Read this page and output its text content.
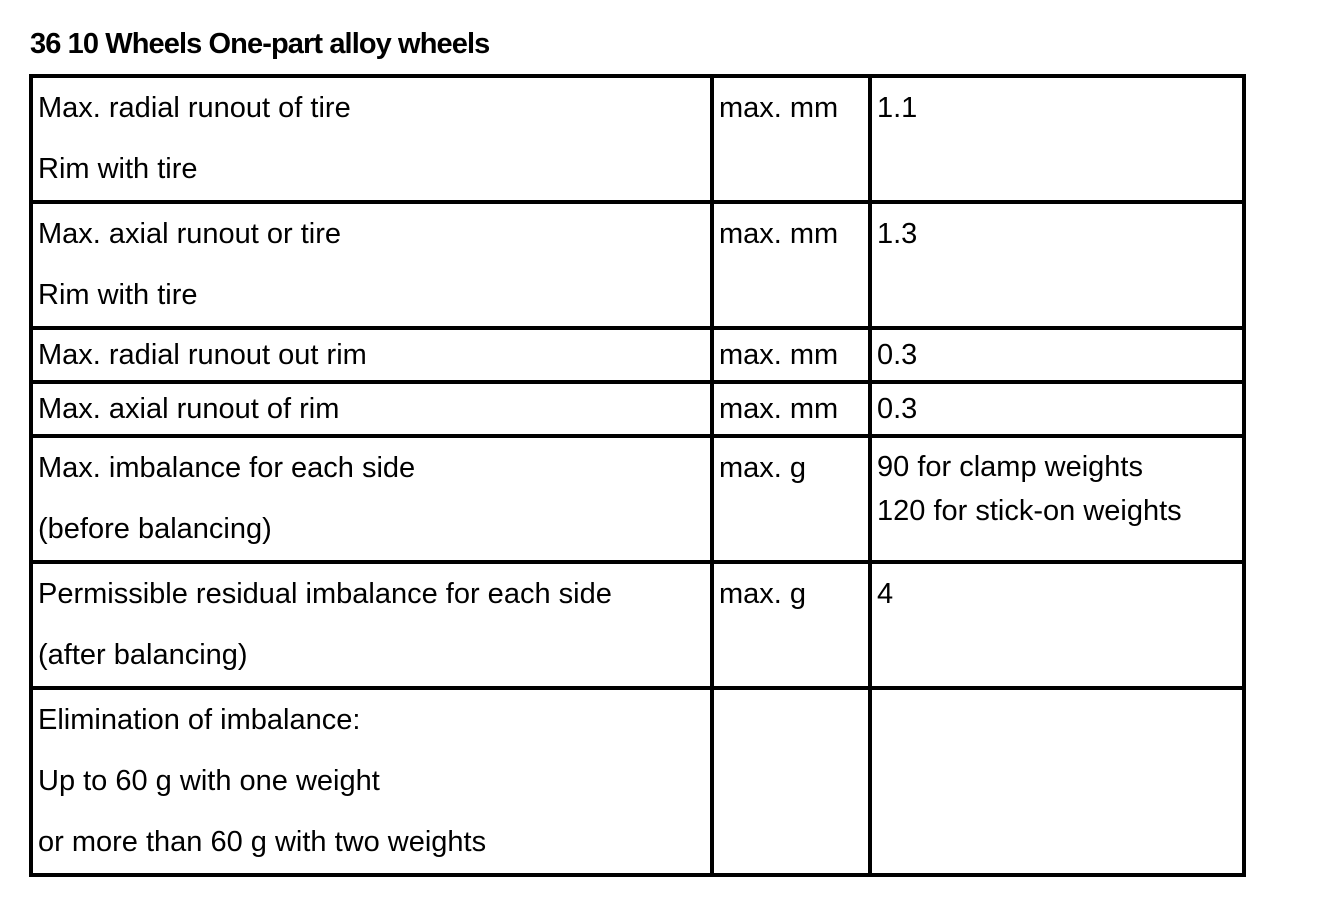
36 10 Wheels One-part alloy wheels
Max. radial runout of tire
Rim with tire	max. mm	1.1

Max. axial runout or tire
Rim with tire	max. mm	1.3

Max. radial runout out rim	max. mm	0.3

Max. axial runout of rim	max. mm	0.3

Max. imbalance for each side
(before balancing)	max. g	90 for clamp weights
120 for stick-on weights

Permissible residual imbalance for each side
(after balancing)	max. g	4

Elimination of imbalance:
Up to 60 g with one weight
or more than 60 g with two weights		
